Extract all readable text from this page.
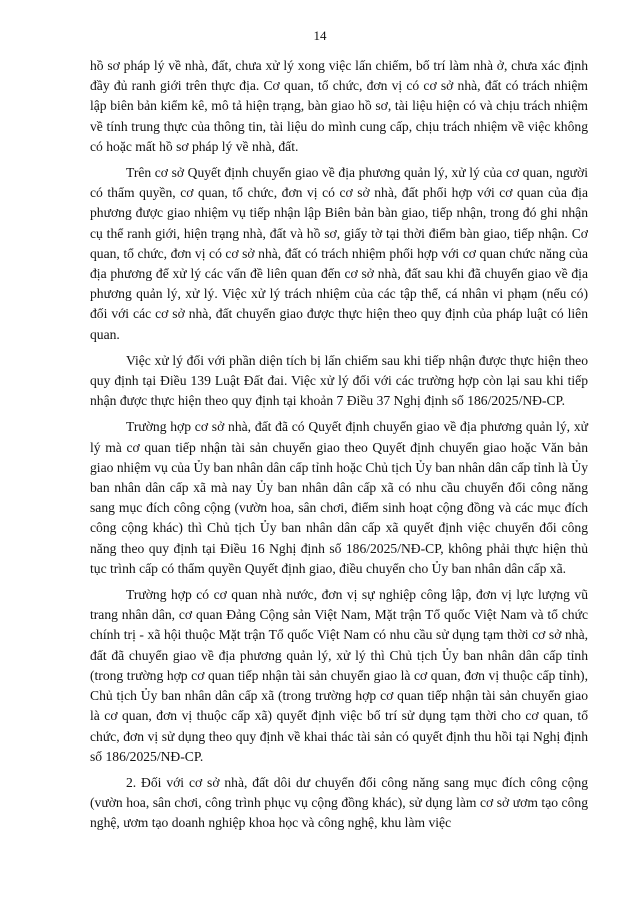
14

hồ sơ pháp lý về nhà, đất, chưa xử lý xong việc lấn chiếm, bố trí làm nhà ở, chưa xác định đầy đủ ranh giới trên thực địa. Cơ quan, tổ chức, đơn vị có cơ sở nhà, đất có trách nhiệm lập biên bản kiểm kê, mô tả hiện trạng, bàn giao hồ sơ, tài liệu hiện có và chịu trách nhiệm về tính trung thực của thông tin, tài liệu do mình cung cấp, chịu trách nhiệm về việc không có hoặc mất hồ sơ pháp lý về nhà, đất.

Trên cơ sở Quyết định chuyển giao về địa phương quản lý, xử lý của cơ quan, người có thẩm quyền, cơ quan, tổ chức, đơn vị có cơ sở nhà, đất phối hợp với cơ quan của địa phương được giao nhiệm vụ tiếp nhận lập Biên bản bàn giao, tiếp nhận, trong đó ghi nhận cụ thể ranh giới, hiện trạng nhà, đất và hồ sơ, giấy tờ tại thời điểm bàn giao, tiếp nhận. Cơ quan, tổ chức, đơn vị có cơ sở nhà, đất có trách nhiệm phối hợp với cơ quan chức năng của địa phương để xử lý các vấn đề liên quan đến cơ sở nhà, đất sau khi đã chuyển giao về địa phương quản lý, xử lý. Việc xử lý trách nhiệm của các tập thể, cá nhân vi phạm (nếu có) đối với các cơ sở nhà, đất chuyển giao được thực hiện theo quy định của pháp luật có liên quan.

Việc xử lý đối với phần diện tích bị lấn chiếm sau khi tiếp nhận được thực hiện theo quy định tại Điều 139 Luật Đất đai. Việc xử lý đối với các trường hợp còn lại sau khi tiếp nhận được thực hiện theo quy định tại khoản 7 Điều 37 Nghị định số 186/2025/NĐ-CP.

Trường hợp cơ sở nhà, đất đã có Quyết định chuyển giao về địa phương quản lý, xử lý mà cơ quan tiếp nhận tài sản chuyển giao theo Quyết định chuyển giao hoặc Văn bản giao nhiệm vụ của Ủy ban nhân dân cấp tỉnh hoặc Chủ tịch Ủy ban nhân dân cấp tỉnh là Ủy ban nhân dân cấp xã mà nay Ủy ban nhân dân cấp xã có nhu cầu chuyển đổi công năng sang mục đích công cộng (vườn hoa, sân chơi, điểm sinh hoạt cộng đồng và các mục đích công cộng khác) thì Chủ tịch Ủy ban nhân dân cấp xã quyết định việc chuyển đổi công năng theo quy định tại Điều 16 Nghị định số 186/2025/NĐ-CP, không phải thực hiện thủ tục trình cấp có thẩm quyền Quyết định giao, điều chuyển cho Ủy ban nhân dân cấp xã.

Trường hợp có cơ quan nhà nước, đơn vị sự nghiệp công lập, đơn vị lực lượng vũ trang nhân dân, cơ quan Đảng Cộng sản Việt Nam, Mặt trận Tổ quốc Việt Nam và tổ chức chính trị - xã hội thuộc Mặt trận Tổ quốc Việt Nam có nhu cầu sử dụng tạm thời cơ sở nhà, đất đã chuyển giao về địa phương quản lý, xử lý thì Chủ tịch Ủy ban nhân dân cấp tỉnh (trong trường hợp cơ quan tiếp nhận tài sản chuyển giao là cơ quan, đơn vị thuộc cấp tỉnh), Chủ tịch Ủy ban nhân dân cấp xã (trong trường hợp cơ quan tiếp nhận tài sản chuyển giao là cơ quan, đơn vị thuộc cấp xã) quyết định việc bố trí sử dụng tạm thời cho cơ quan, tổ chức, đơn vị sử dụng theo quy định về khai thác tài sản có quyết định thu hồi tại Nghị định số 186/2025/NĐ-CP.

2. Đối với cơ sở nhà, đất dôi dư chuyển đổi công năng sang mục đích công cộng (vườn hoa, sân chơi, công trình phục vụ cộng đồng khác), sử dụng làm cơ sở ươm tạo công nghệ, ươm tạo doanh nghiệp khoa học và công nghệ, khu làm việc
